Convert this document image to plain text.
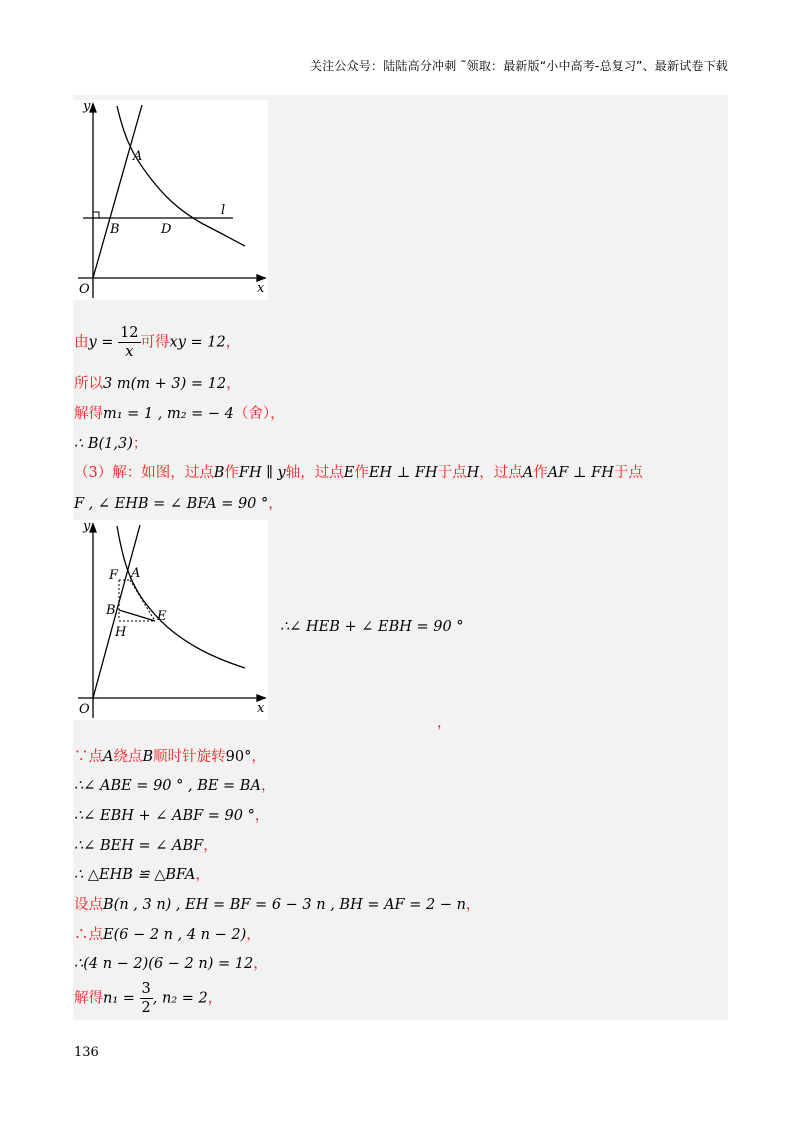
关注公众号：陆陆高分冲刺 ˜领取：最新版“小中高考-总复习”、最新试卷下载
y
A
l
B	D
O	x
由$y = \frac{12}{x}$ 可得xy = 12，
所以3 m(m + 3) = 12，
解得m₁ = 1 , m₂ = − 4（舍），
∴ B(1,3)；
（3）解：如图，过点B作FH ∥ y轴，过点E作EH ⊥ FH于点H，过点A作AF ⊥ FH于点
F , ∠ EHB = ∠ BFA = 90 °，
y
F A
B	E
H
O	x
∴∠ HEB + ∠ EBH = 90 °
，
∵点A绕点B顺时针旋转90°，
∴∠ ABE = 90 ° , BE = BA，
∴∠ EBH + ∠ ABF = 90 °，
∴∠ BEH = ∠ ABF，
∴ △EHB ≌ △BFA，
设点B(n , 3 n) , EH = BF = 6 − 3 n , BH = AF = 2 − n，
∴点E(6 − 2 n , 4 n − 2)，
∴(4 n − 2)(6 − 2 n) = 12，
解得$n_1 = \frac{3}{2}$ , n₂ = 2，
136
